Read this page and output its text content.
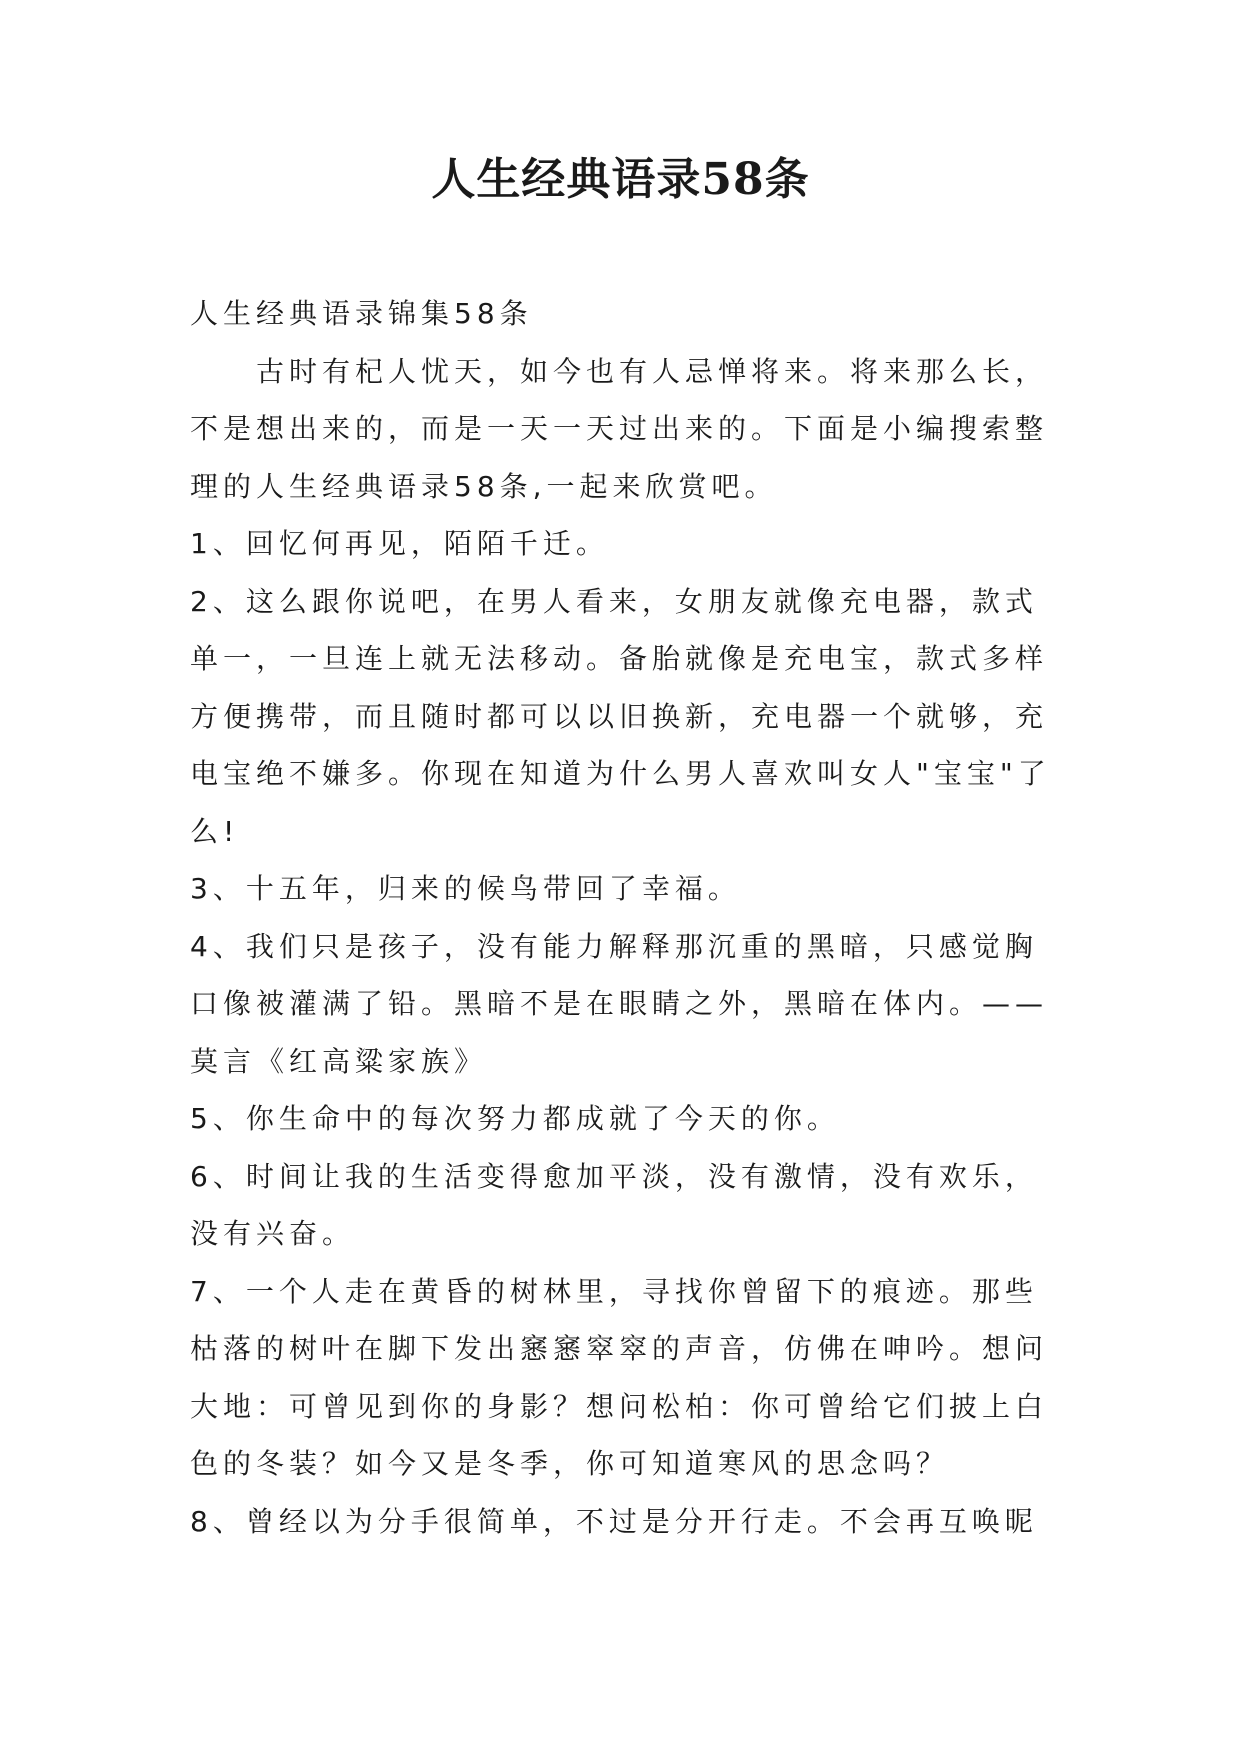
人生经典语录58条

人生经典语录锦集58条

古时有杞人忧天，如今也有人忌惮将来。将来那么长，不是想出来的，而是一天一天过出来的。下面是小编搜索整理的人生经典语录58条,一起来欣赏吧。

1、回忆何再见，陌陌千迁。

2、这么跟你说吧，在男人看来，女朋友就像充电器，款式单一，一旦连上就无法移动。备胎就像是充电宝，款式多样方便携带，而且随时都可以以旧换新，充电器一个就够，充电宝绝不嫌多。你现在知道为什么男人喜欢叫女人"宝宝"了么!

3、十五年，归来的候鸟带回了幸福。

4、我们只是孩子，没有能力解释那沉重的黑暗，只感觉胸口像被灌满了铅。黑暗不是在眼睛之外，黑暗在体内。——莫言《红高粱家族》

5、你生命中的每次努力都成就了今天的你。

6、时间让我的生活变得愈加平淡，没有激情，没有欢乐，没有兴奋。

7、一个人走在黄昏的树林里，寻找你曾留下的痕迹。那些枯落的树叶在脚下发出窸窸窣窣的声音，仿佛在呻吟。想问大地：可曾见到你的身影？想问松柏：你可曾给它们披上白色的冬装？如今又是冬季，你可知道寒风的思念吗？

8、曾经以为分手很简单，不过是分开行走。不会再互唤昵
